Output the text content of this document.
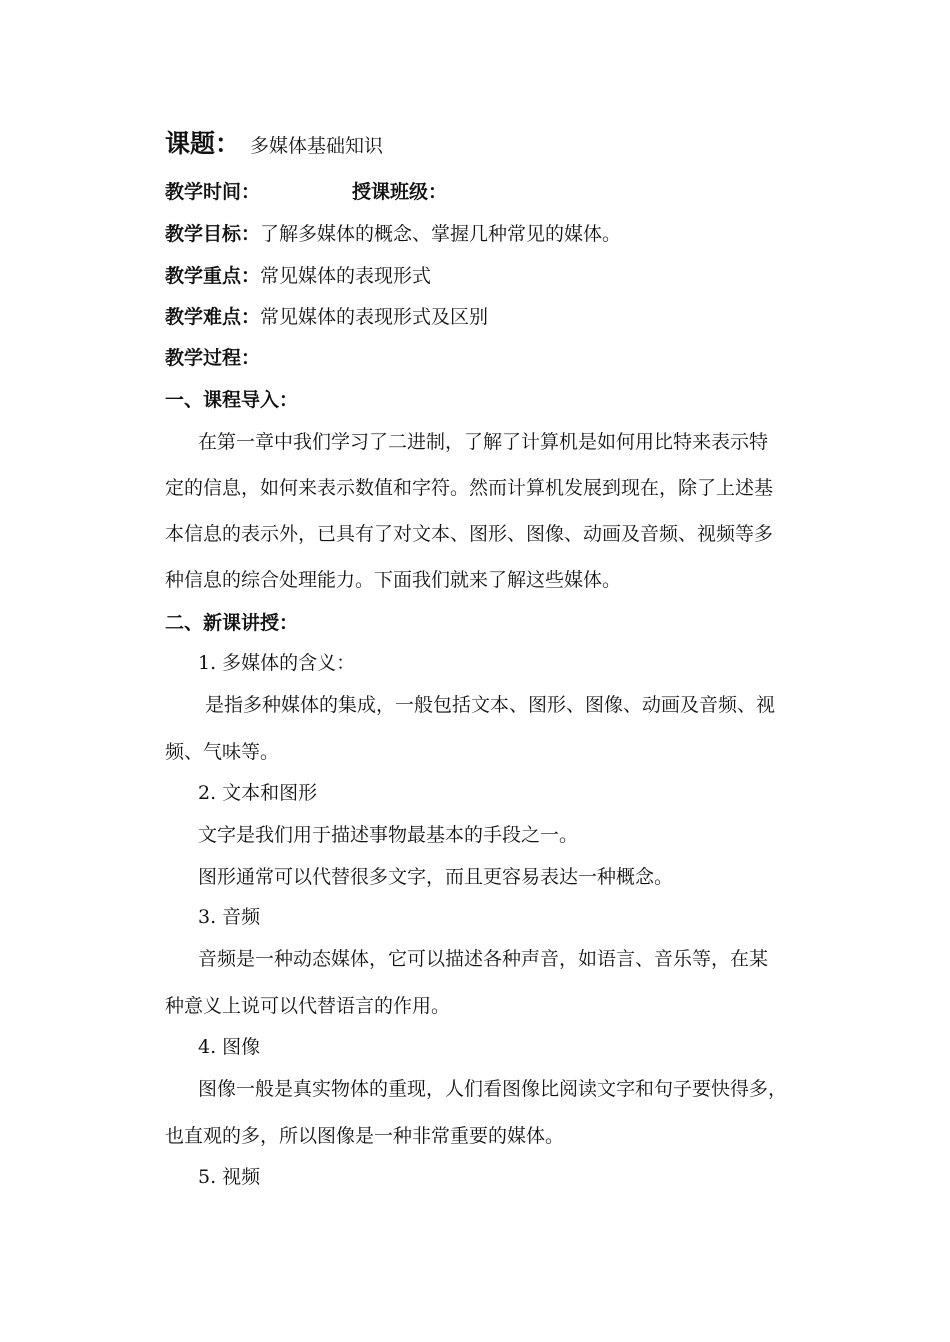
课题： 多媒体基础知识
教学时间：	授课班级：
教学目标：了解多媒体的概念、掌握几种常见的媒体。
教学重点：常见媒体的表现形式
教学难点：常见媒体的表现形式及区别
教学过程：
一、课程导入：
在第一章中我们学习了二进制，了解了计算机是如何用比特来表示特
定的信息，如何来表示数值和字符。然而计算机发展到现在，除了上述基
本信息的表示外，已具有了对文本、图形、图像、动画及音频、视频等多
种信息的综合处理能力。下面我们就来了解这些媒体。
二、新课讲授：
1. 多媒体的含义：
是指多种媒体的集成，一般包括文本、图形、图像、动画及音频、视
频、气味等。
2. 文本和图形
文字是我们用于描述事物最基本的手段之一。
图形通常可以代替很多文字，而且更容易表达一种概念。
3. 音频
音频是一种动态媒体，它可以描述各种声音，如语言、音乐等，在某
种意义上说可以代替语言的作用。
4. 图像
图像一般是真实物体的重现，人们看图像比阅读文字和句子要快得多，
也直观的多，所以图像是一种非常重要的媒体。
5. 视频
